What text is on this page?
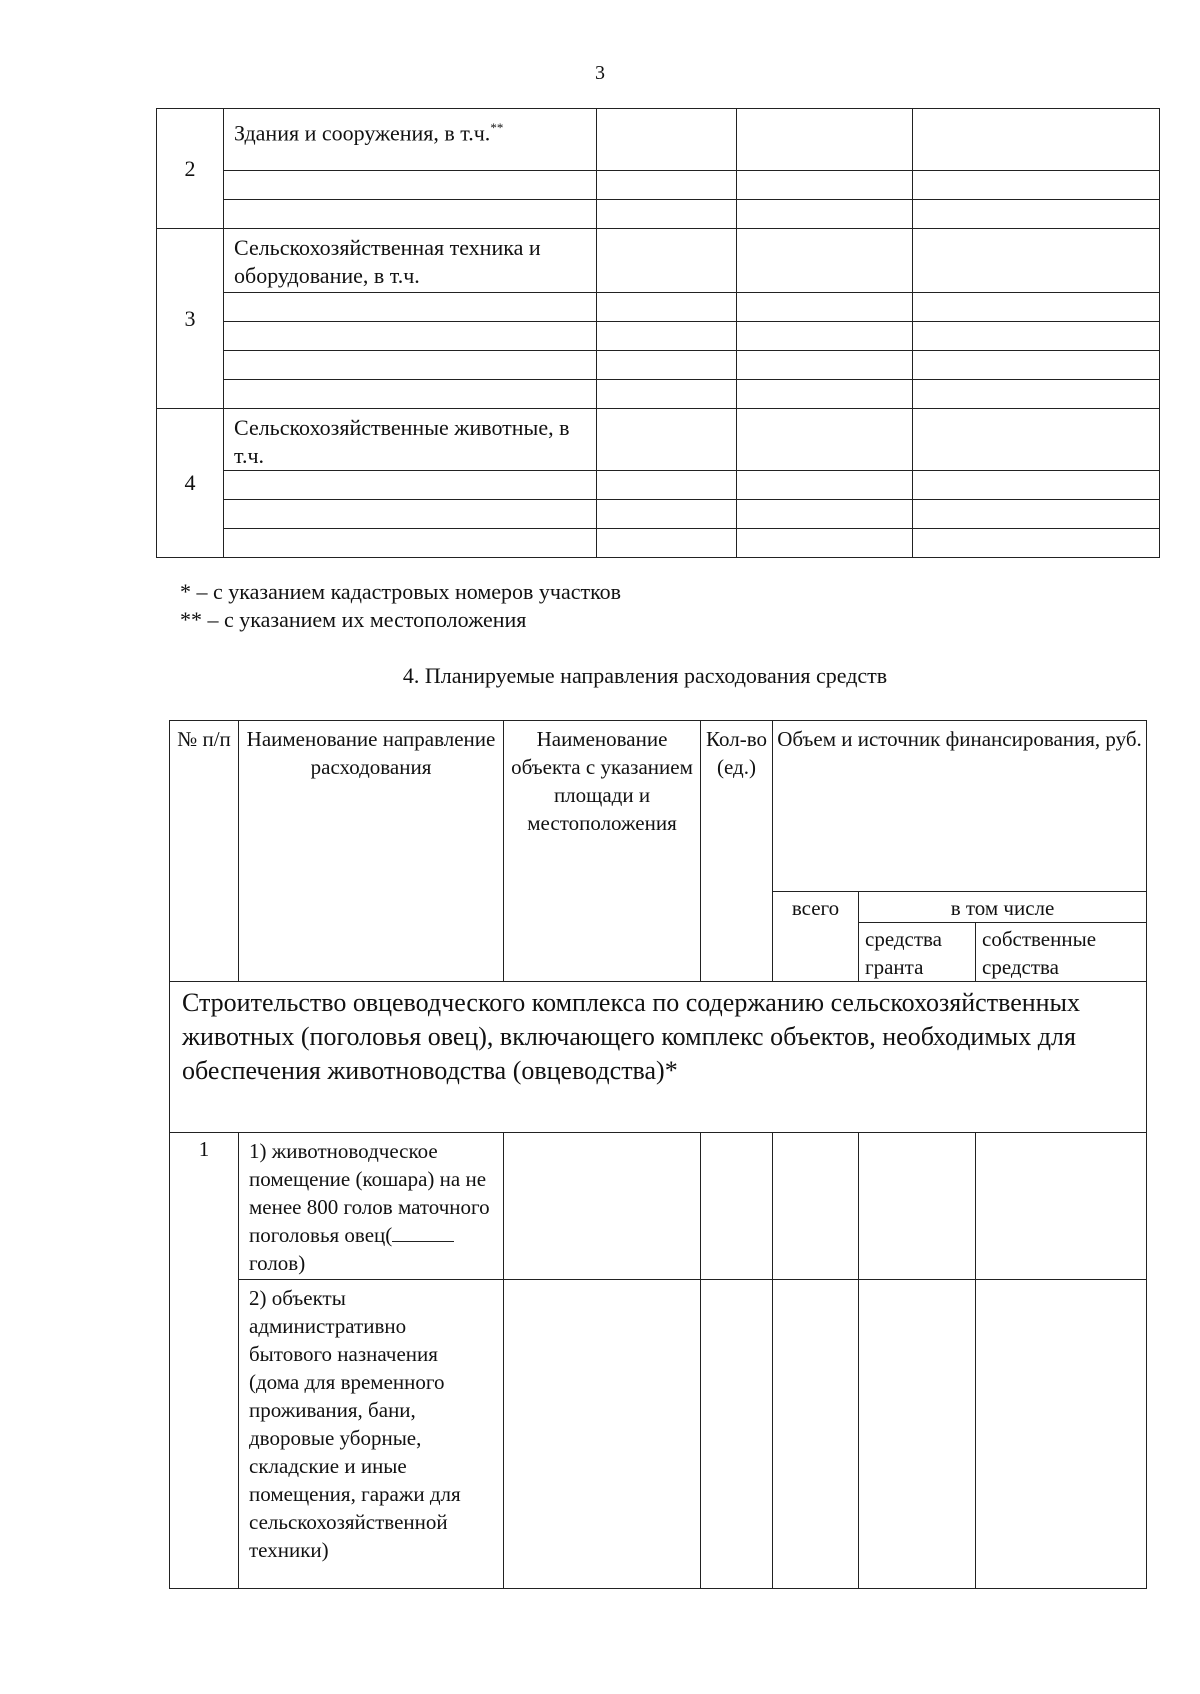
3
2	Здания и сооружения, в т.ч.**			

3	Сельскохозяйственная техника и оборудование, в т.ч.			

4	Сельскохозяйственные животные, в т.ч.			

* – с указанием кадастровых номеров участков
** – с указанием их местоположения
4. Планируемые направления расходования средств
№ п/п	Наименование направление расходования	Наименование объекта с указанием площади и местоположения	Кол-во (ед.)	Объем и источник финансирования, руб.		
				всего	в том числе	
					средства гранта	собственные средства
Строительство овцеводческого комплекса по содержанию сельскохозяйственных животных (поголовья овец), включающего комплекс объектов, необходимых для обеспечения животноводства (овцеводства)*						
1	1) животноводческое помещение (кошара) на не менее 800 голов маточного поголовья овец( голов)					
	2) объекты административно бытового назначения (дома для временного проживания, бани, дворовые уборные, складские и иные помещения, гаражи для сельскохозяйственной техники)					
